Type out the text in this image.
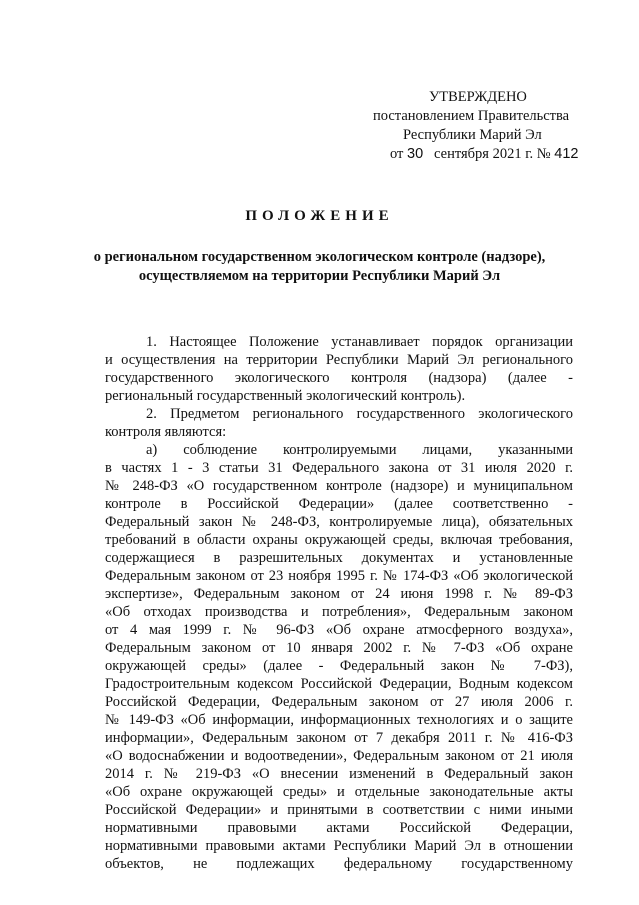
УТВЕРЖДЕНО
постановлением Правительства
Республики Марий Эл
от 30 сентября 2021 г. № 412
ПОЛОЖЕНИЕ
о региональном государственном экологическом контроле (надзоре),
осуществляемом на территории Республики Марий Эл
1. Настоящее Положение устанавливает порядок организации
и осуществления на территории Республики Марий Эл регионального
государственного экологического контроля (надзора) (далее -
региональный государственный экологический контроль).
2. Предметом регионального государственного экологического
контроля являются:
а) соблюдение контролируемыми лицами, указанными
в частях 1 - 3 статьи 31 Федерального закона от 31 июля 2020 г.
№ 248-ФЗ «О государственном контроле (надзоре) и муниципальном
контроле в Российской Федерации» (далее соответственно -
Федеральный закон № 248-ФЗ, контролируемые лица), обязательных
требований в области охраны окружающей среды, включая требования,
содержащиеся в разрешительных документах и установленные
Федеральным законом от 23 ноября 1995 г. № 174-ФЗ «Об экологической
экспертизе», Федеральным законом от 24 июня 1998 г. № 89-ФЗ
«Об отходах производства и потребления», Федеральным законом
от 4 мая 1999 г. № 96-ФЗ «Об охране атмосферного воздуха»,
Федеральным законом от 10 января 2002 г. № 7-ФЗ «Об охране
окружающей среды» (далее - Федеральный закон № 7-ФЗ),
Градостроительным кодексом Российской Федерации, Водным кодексом
Российской Федерации, Федеральным законом от 27 июля 2006 г.
№ 149-ФЗ «Об информации, информационных технологиях и о защите
информации», Федеральным законом от 7 декабря 2011 г. № 416-ФЗ
«О водоснабжении и водоотведении», Федеральным законом от 21 июля
2014 г. № 219-ФЗ «О внесении изменений в Федеральный закон
«Об охране окружающей среды» и отдельные законодательные акты
Российской Федерации» и принятыми в соответствии с ними иными
нормативными правовыми актами Российской Федерации,
нормативными правовыми актами Республики Марий Эл в отношении
объектов, не подлежащих федеральному государственному
